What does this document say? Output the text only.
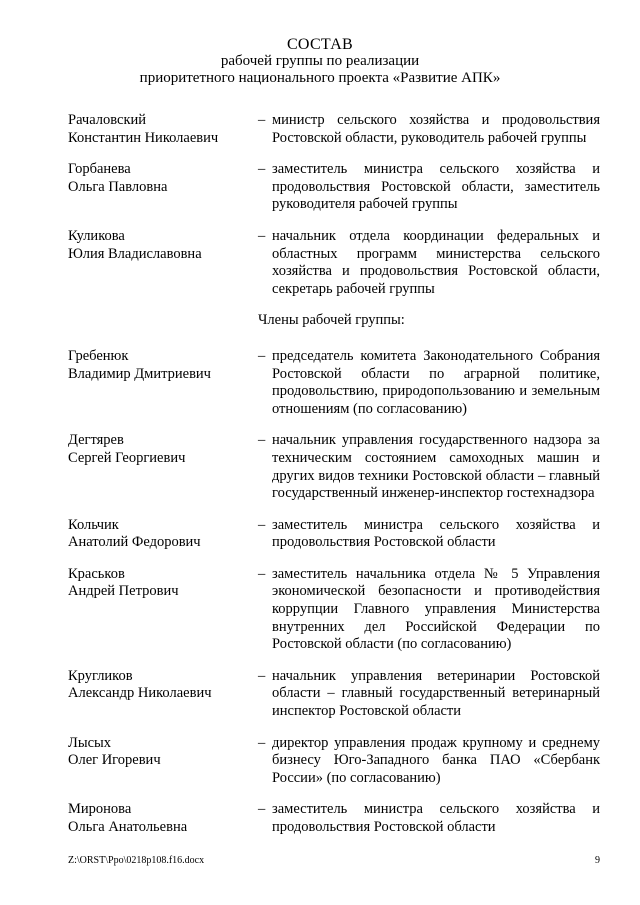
СОСТАВ
рабочей группы по реализации
приоритетного национального проекта «Развитие АПК»
Рачаловский
Константин Николаевич
– министр сельского хозяйства и продовольствия Ростовской области, руководитель рабочей группы
Горбанева
Ольга Павловна
– заместитель министра сельского хозяйства и продовольствия Ростовской области, заместитель руководителя рабочей группы
Куликова
Юлия Владиславовна
– начальник отдела координации федеральных и областных программ министерства сельского хозяйства и продовольствия Ростовской области, секретарь рабочей группы
Члены рабочей группы:
Гребенюк
Владимир Дмитриевич
– председатель комитета Законодательного Собрания Ростовской области по аграрной политике, продовольствию, природопользованию и земельным отношениям (по согласованию)
Дегтярев
Сергей Георгиевич
– начальник управления государственного надзора за техническим состоянием самоходных машин и других видов техники Ростовской области – главный государственный инженер-инспектор гостехнадзора
Кольчик
Анатолий Федорович
– заместитель министра сельского хозяйства и продовольствия Ростовской области
Краськов
Андрей Петрович
– заместитель начальника отдела № 5 Управления экономической безопасности и противодействия коррупции Главного управления Министерства внутренних дел Российской Федерации по Ростовской области (по согласованию)
Кругликов
Александр Николаевич
– начальник управления ветеринарии Ростовской области – главный государственный ветеринарный инспектор Ростовской области
Лысых
Олег Игоревич
– директор управления продаж крупному и среднему бизнесу Юго-Западного банка ПАО «Сбербанк России» (по согласованию)
Миронова
Ольга Анатольевна
– заместитель министра сельского хозяйства и продовольствия Ростовской области
Z:\ORST\Ppo\0218p108.f16.docx	9
